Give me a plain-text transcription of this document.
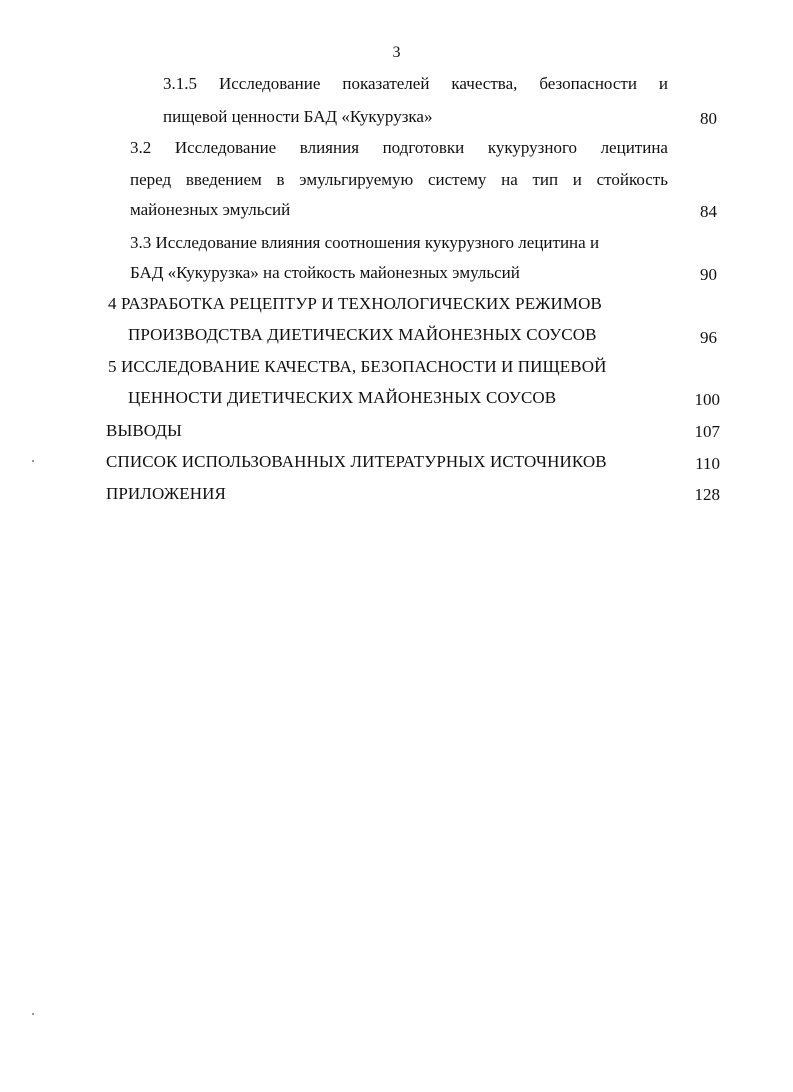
3
3.1.5 Исследование показателей качества, безопасности и
пищевой ценности БАД «Кукурузка»	80
3.2 Исследование влияния подготовки кукурузного лецитина
перед введением в эмульгируемую систему на тип и стойкость
майонезных эмульсий	84
3.3 Исследование влияния соотношения кукурузного лецитина и
БАД «Кукурузка» на стойкость майонезных эмульсий	90
4 РАЗРАБОТКА РЕЦЕПТУР И ТЕХНОЛОГИЧЕСКИХ РЕЖИМОВ
ПРОИЗВОДСТВА ДИЕТИЧЕСКИХ МАЙОНЕЗНЫХ СОУСОВ	96
5 ИССЛЕДОВАНИЕ КАЧЕСТВА, БЕЗОПАСНОСТИ И ПИЩЕВОЙ
ЦЕННОСТИ ДИЕТИЧЕСКИХ МАЙОНЕЗНЫХ СОУСОВ	100
ВЫВОДЫ	107
СПИСОК ИСПОЛЬЗОВАННЫХ ЛИТЕРАТУРНЫХ ИСТОЧНИКОВ	110
ПРИЛОЖЕНИЯ	128
